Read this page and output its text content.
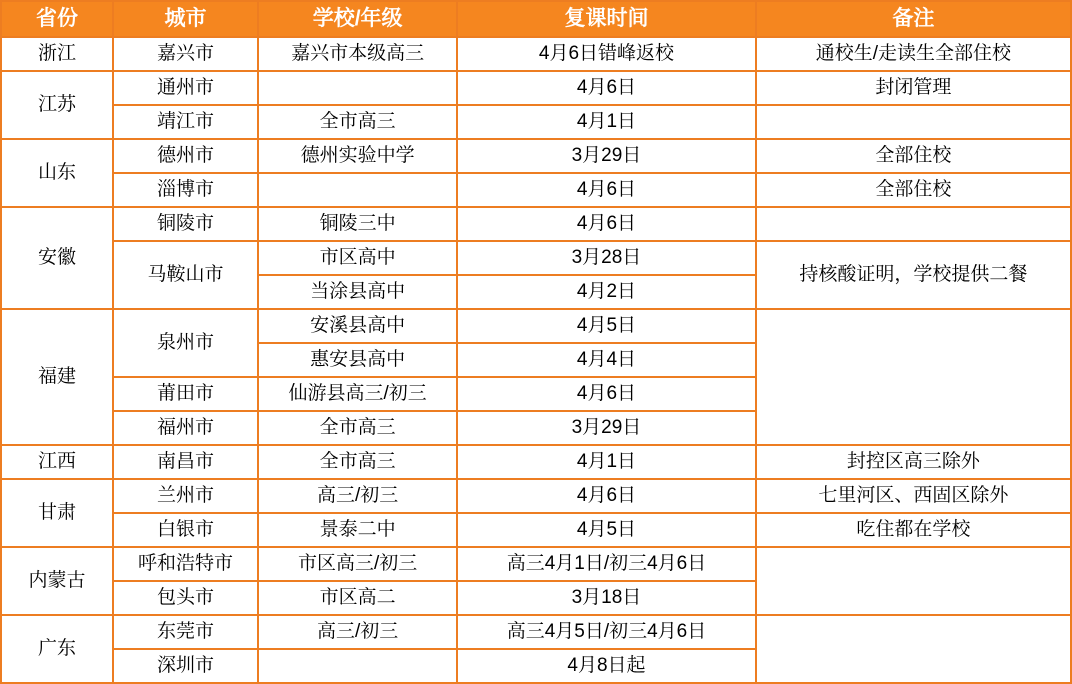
省份	城市	学校/年级	复课时间	备注
浙江	嘉兴市	嘉兴市本级高三	4月6日错峰返校	通校生/走读生全部住校
江苏	通州市		4月6日	封闭管理
	靖江市	全市高三	4月1日	
山东	德州市	德州实验中学	3月29日	全部住校
	淄博市		4月6日	全部住校
安徽	铜陵市	铜陵三中	4月6日	
	马鞍山市	市区高中	3月28日	持核酸证明，学校提供二餐
		当涂县高中	4月2日	
福建	泉州市	安溪县高中	4月5日	
		惠安县高中	4月4日	
	莆田市	仙游县高三/初三	4月6日	
	福州市	全市高三	3月29日	
江西	南昌市	全市高三	4月1日	封控区高三除外
甘肃	兰州市	高三/初三	4月6日	七里河区、西固区除外
	白银市	景泰二中	4月5日	吃住都在学校
内蒙古	呼和浩特市	市区高三/初三	高三4月1日/初三4月6日	
	包头市	市区高二	3月18日	
广东	东莞市	高三/初三	高三4月5日/初三4月6日	
	深圳市		4月8日起	
